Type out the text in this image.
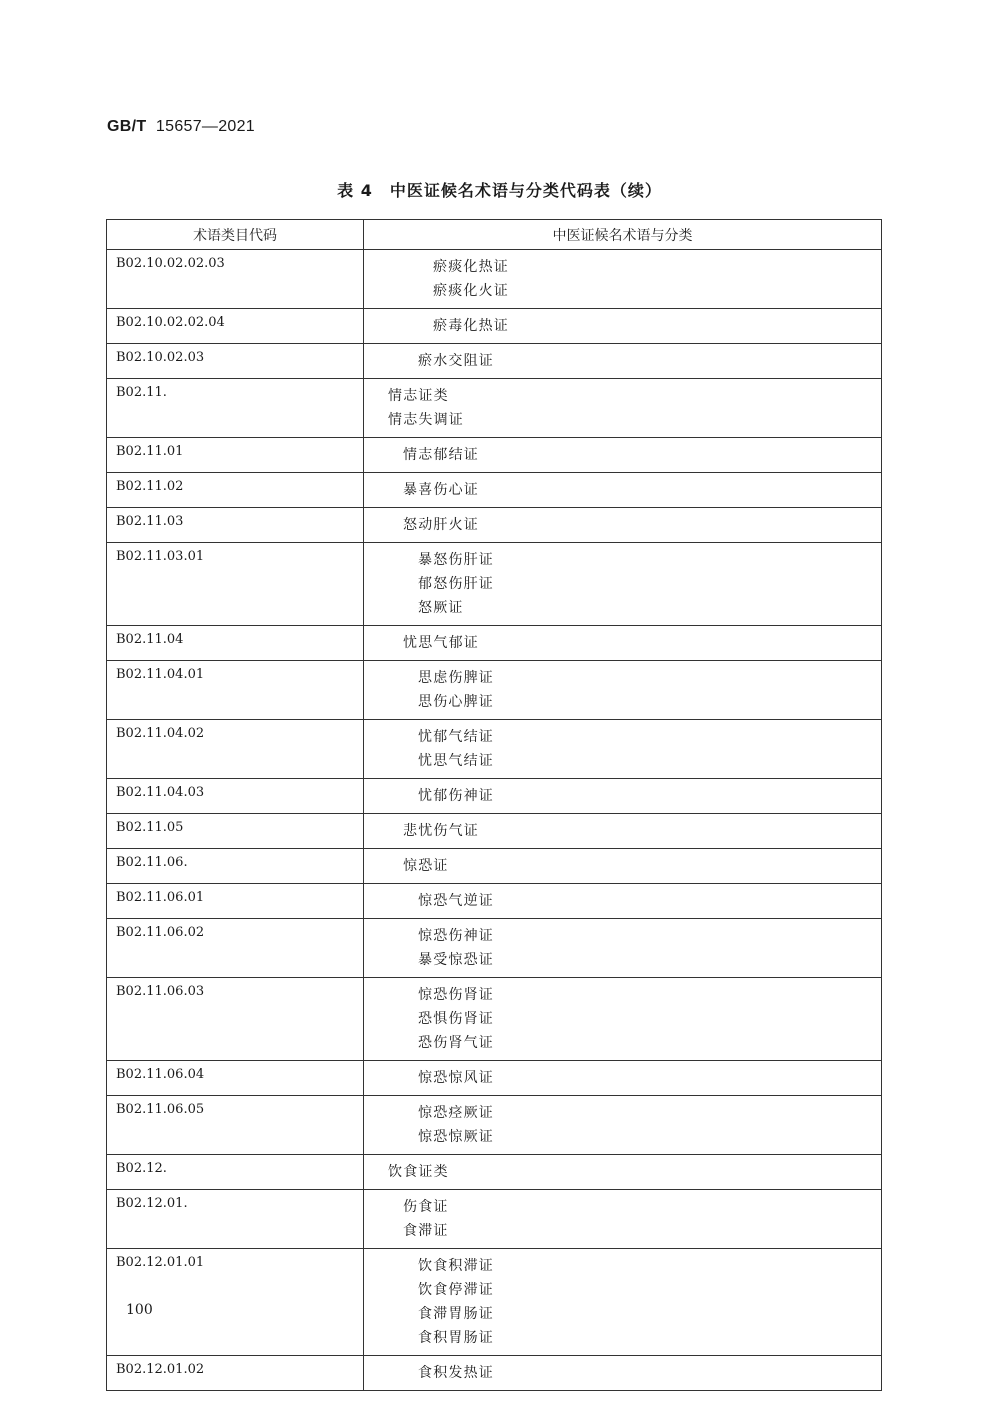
GB/T 15657—2021
表 4　中医证候名术语与分类代码表（续）
术语类目代码	中医证候名术语与分类
B02.10.02.02.03	瘀痰化热证
瘀痰化火证

B02.10.02.02.04	瘀毒化热证

B02.10.02.03	瘀水交阻证

B02.11.	情志证类
情志失调证

B02.11.01	情志郁结证

B02.11.02	暴喜伤心证

B02.11.03	怒动肝火证

B02.11.03.01	暴怒伤肝证
郁怒伤肝证
怒厥证

B02.11.04	忧思气郁证

B02.11.04.01	思虑伤脾证
思伤心脾证

B02.11.04.02	忧郁气结证
忧思气结证

B02.11.04.03	忧郁伤神证

B02.11.05	悲忧伤气证

B02.11.06.	惊恐证

B02.11.06.01	惊恐气逆证

B02.11.06.02	惊恐伤神证
暴受惊恐证

B02.11.06.03	惊恐伤肾证
恐惧伤肾证
恐伤肾气证

B02.11.06.04	惊恐惊风证

B02.11.06.05	惊恐痉厥证
惊恐惊厥证

B02.12.	饮食证类

B02.12.01.	伤食证
食滞证

B02.12.01.01	饮食积滞证
饮食停滞证
食滞胃肠证
食积胃肠证

B02.12.01.02	食积发热证
100
